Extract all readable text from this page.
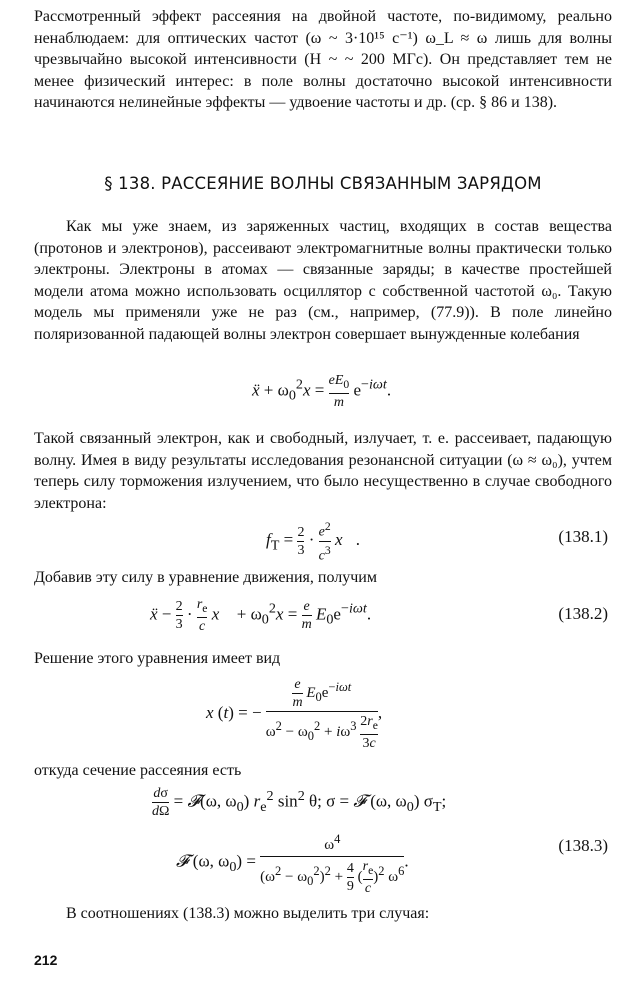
Рассмотренный эффект рассеяния на двойной частоте, по-видимому, реально ненаблюдаем: для оптических частот (ω ~ 3·10¹⁵ с⁻¹) ω_L ≈ ω лишь для волны чрезвычайно высокой интенсивности (H ~ ~ 200 МГс). Он представляет тем не менее физический интерес: в поле волны достаточно высокой интенсивности начинаются нелинейные эффекты — удвоение частоты и др. (ср. § 86 и 138).

§ 138. РАССЕЯНИЕ ВОЛНЫ СВЯЗАННЫМ ЗАРЯДОМ

Как мы уже знаем, из заряженных частиц, входящих в состав вещества (протонов и электронов), рассеивают электромагнитные волны практически только электроны. Электроны в атомах — связанные заряды; в качестве простейшей модели атома можно использовать осциллятор с собственной частотой ω₀. Такую модель мы применяли уже не раз (см., например, (77.9)). В поле линейно поляризованной падающей волны электрон совершает вынужденные колебания

ẍ + $\omega_0^2x = \frac{eE_0}{m} e^{-i\omega t}$.

Такой связанный электрон, как и свободный, излучает, т. е. рассеивает, падающую волну. Имея в виду результаты исследования резонансной ситуации (ω ≈ ω₀), учтем теперь силу торможения излучением, что было несущественно в случае свободного электрона:

$f_T = \frac{2}{3} \cdot \frac{e^2}{c^3}$ x⃛.	(138.1)

Добавив эту силу в уравнение движения, получим

ẍ − $\frac{2}{3} \cdot \frac{r_e}{c}$ x⃛ + $\omega_0^2x = \frac{e}{m} E_0e^{-i\omega t}$.	(138.2)

Решение этого уравнения имеет вид

x (t) = − $\frac{\frac{e}{m} E_0e^{-i\omega t}}{\omega^2 - \omega_0^2 + i\omega^3 \frac{2r_e}{3c}}$ ,

откуда сечение рассеяния есть

$\frac{d\sigma}{d\Omega}$ = 𝓕(ω, $\omega_0$) $r_e^2$ $\sin^2 \theta$; σ = 𝓕 (ω, $\omega_0$) $\sigma_T$;
𝓕 (ω, $\omega_0) = \frac{\omega^4}{(\omega^2 - \omega_0^2)^2 + \frac{4}{9} ( \frac{r_e}{c} )^2 \omega^6}$ .
(138.3)

В соотношениях (138.3) можно выделить три случая:

212
